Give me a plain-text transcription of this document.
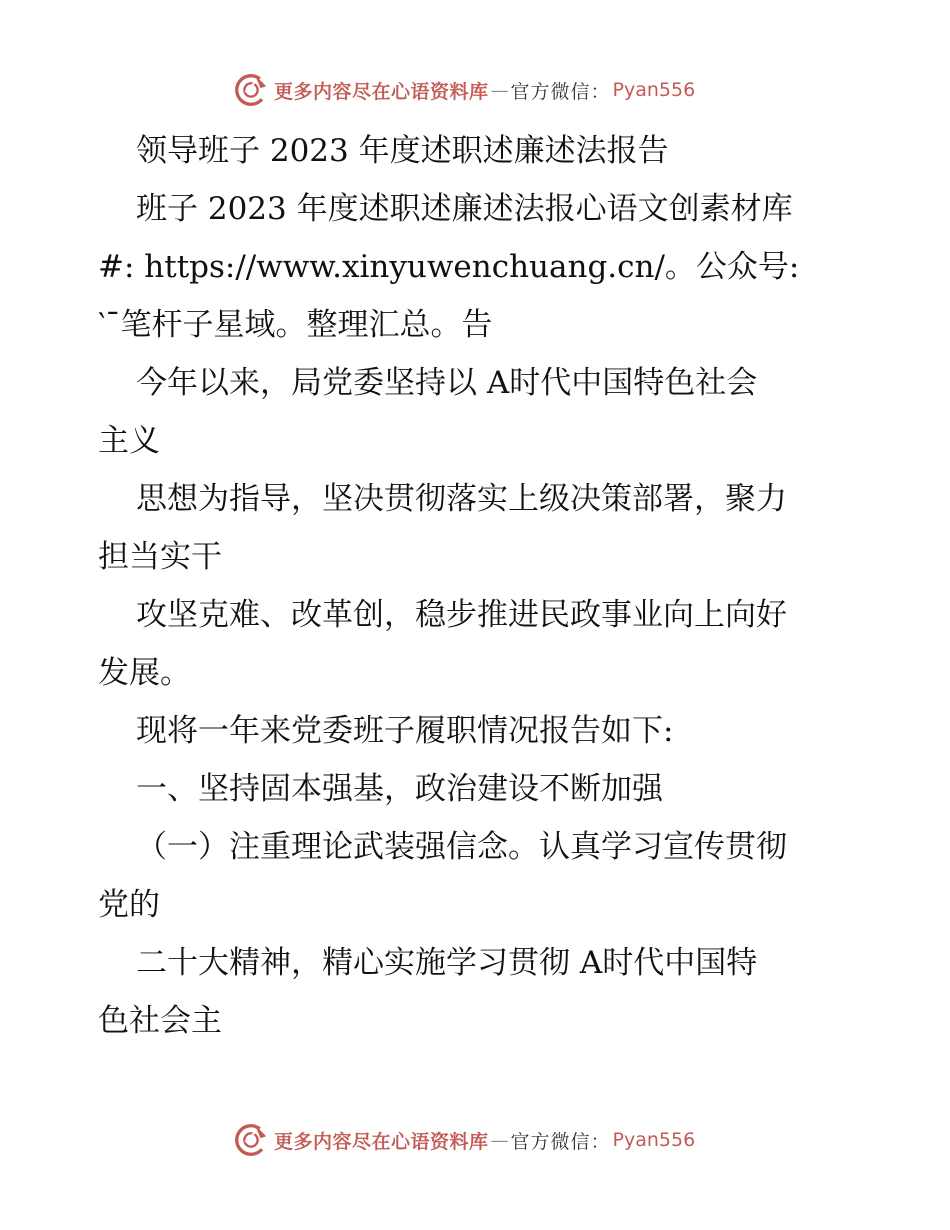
更多内容尽在心语资料库 — 官方微信： Pyan556

领导班子 2023 年度述职述廉述法报告

班子 2023 年度述职述廉述法报心语文创素材库

#: https://www.xinyuwenchuang.cn/。公众号:

‵¯笔杆子星域。整理汇总。告

今年以来，局党委坚持以 A时代中国特色社会

主义

思想为指导，坚决贯彻落实上级决策部署，聚力

担当实干

攻坚克难、改革创，稳步推进民政事业向上向好

发展。

现将一年来党委班子履职情况报告如下:

一、坚持固本强基，政治建设不断加强

（一）注重理论武装强信念。认真学习宣传贯彻

党的

二十大精神，精心实施学习贯彻 A时代中国特

色社会主

更多内容尽在心语资料库 — 官方微信： Pyan556
